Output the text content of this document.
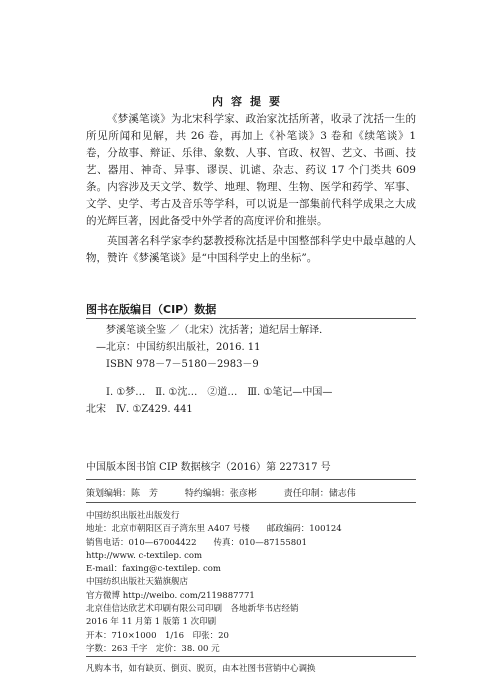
内容提要

《梦溪笔谈》为北宋科学家、政治家沈括所著，收录了沈括一生的所见所闻和见解，共 26 卷，再加上《补笔谈》3 卷和《续笔谈》1 卷，分故事、辩证、乐律、象数、人事、官政、权智、艺文、书画、技艺、器用、神奇、异事、谬误、讥谑、杂志、药议 17 个门类共 609 条。内容涉及天文学、数学、地理、物理、生物、医学和药学、军事、文学、史学、考古及音乐等学科，可以说是一部集前代科学成果之大成的光辉巨著，因此备受中外学者的高度评价和推崇。

英国著名科学家李约瑟教授称沈括是中国整部科学史中最卓越的人物，赞许《梦溪笔谈》是“中国科学史上的坐标”。

图书在版编目（CIP）数据
梦溪笔谈全鉴 ／（北宋）沈括著；道纪居士解译．
—北京：中国纺织出版社，2016. 11
ISBN 978－7－5180－2983－9
Ⅰ. ①梦…　Ⅱ. ①沈…　②道…　Ⅲ. ①笔记—中国—
北宋　Ⅳ. ①Z429. 441
中国版本图书馆 CIP 数据核字（2016）第 227317 号
策划编辑：陈　芳	特约编辑：张彦彬	责任印制：储志伟
中国纺织出版社出版发行
地址：北京市朝阳区百子湾东里 A407 号楼　　邮政编码：100124
销售电话：010—67004422　　传真：010—87155801
http://www. c-textilep. com
E-mail：faxing@c-textilep. com
中国纺织出版社天猫旗舰店
官方微博 http://weibo. com/2119887771
北京佳信达欣艺术印刷有限公司印刷　各地新华书店经销
2016 年 11 月第 1 版第 1 次印刷
开本：710×1000　1/16　印张：20
字数：263 千字　定价：38. 00 元
凡购本书，如有缺页、倒页、脱页，由本社图书营销中心调换
